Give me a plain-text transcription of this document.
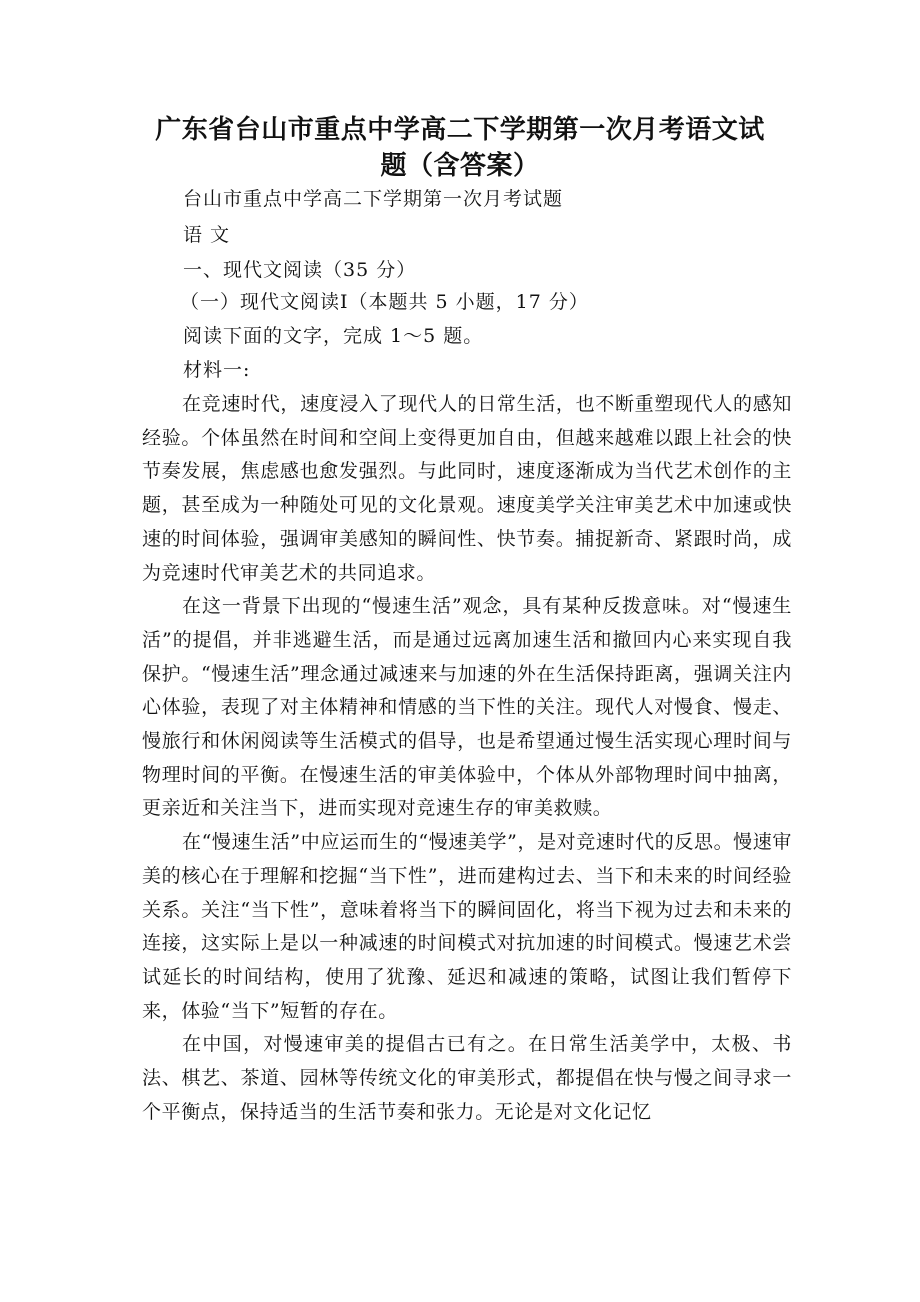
广东省台山市重点中学高二下学期第一次月考语文试
题（含答案）
台山市重点中学高二下学期第一次月考试题
语 文
一、现代文阅读（35 分）
（一）现代文阅读Ⅰ（本题共 5 小题，17 分）
阅读下面的文字，完成 1～5 题。
材料一:

在竞速时代，速度浸入了现代人的日常生活，也不断重塑现代人的感知经验。个体虽然在时间和空间上变得更加自由，但越来越难以跟上社会的快节奏发展，焦虑感也愈发强烈。与此同时，速度逐渐成为当代艺术创作的主题，甚至成为一种随处可见的文化景观。速度美学关注审美艺术中加速或快速的时间体验，强调审美感知的瞬间性、快节奏。捕捉新奇、紧跟时尚，成为竞速时代审美艺术的共同追求。

在这一背景下出现的“慢速生活”观念，具有某种反拨意味。对“慢速生活”的提倡，并非逃避生活，而是通过远离加速生活和撤回内心来实现自我保护。“慢速生活”理念通过减速来与加速的外在生活保持距离，强调关注内心体验，表现了对主体精神和情感的当下性的关注。现代人对慢食、慢走、慢旅行和休闲阅读等生活模式的倡导，也是希望通过慢生活实现心理时间与物理时间的平衡。在慢速生活的审美体验中，个体从外部物理时间中抽离，更亲近和关注当下，进而实现对竞速生存的审美救赎。

在“慢速生活”中应运而生的“慢速美学”，是对竞速时代的反思。慢速审美的核心在于理解和挖掘“当下性”，进而建构过去、当下和未来的时间经验关系。关注“当下性”，意味着将当下的瞬间固化，将当下视为过去和未来的连接，这实际上是以一种减速的时间模式对抗加速的时间模式。慢速艺术尝试延长的时间结构，使用了犹豫、延迟和减速的策略，试图让我们暂停下来，体验“当下”短暂的存在。

在中国，对慢速审美的提倡古已有之。在日常生活美学中，太极、书法、棋艺、茶道、园林等传统文化的审美形式，都提倡在快与慢之间寻求一个平衡点，保持适当的生活节奏和张力。无论是对文化记忆
